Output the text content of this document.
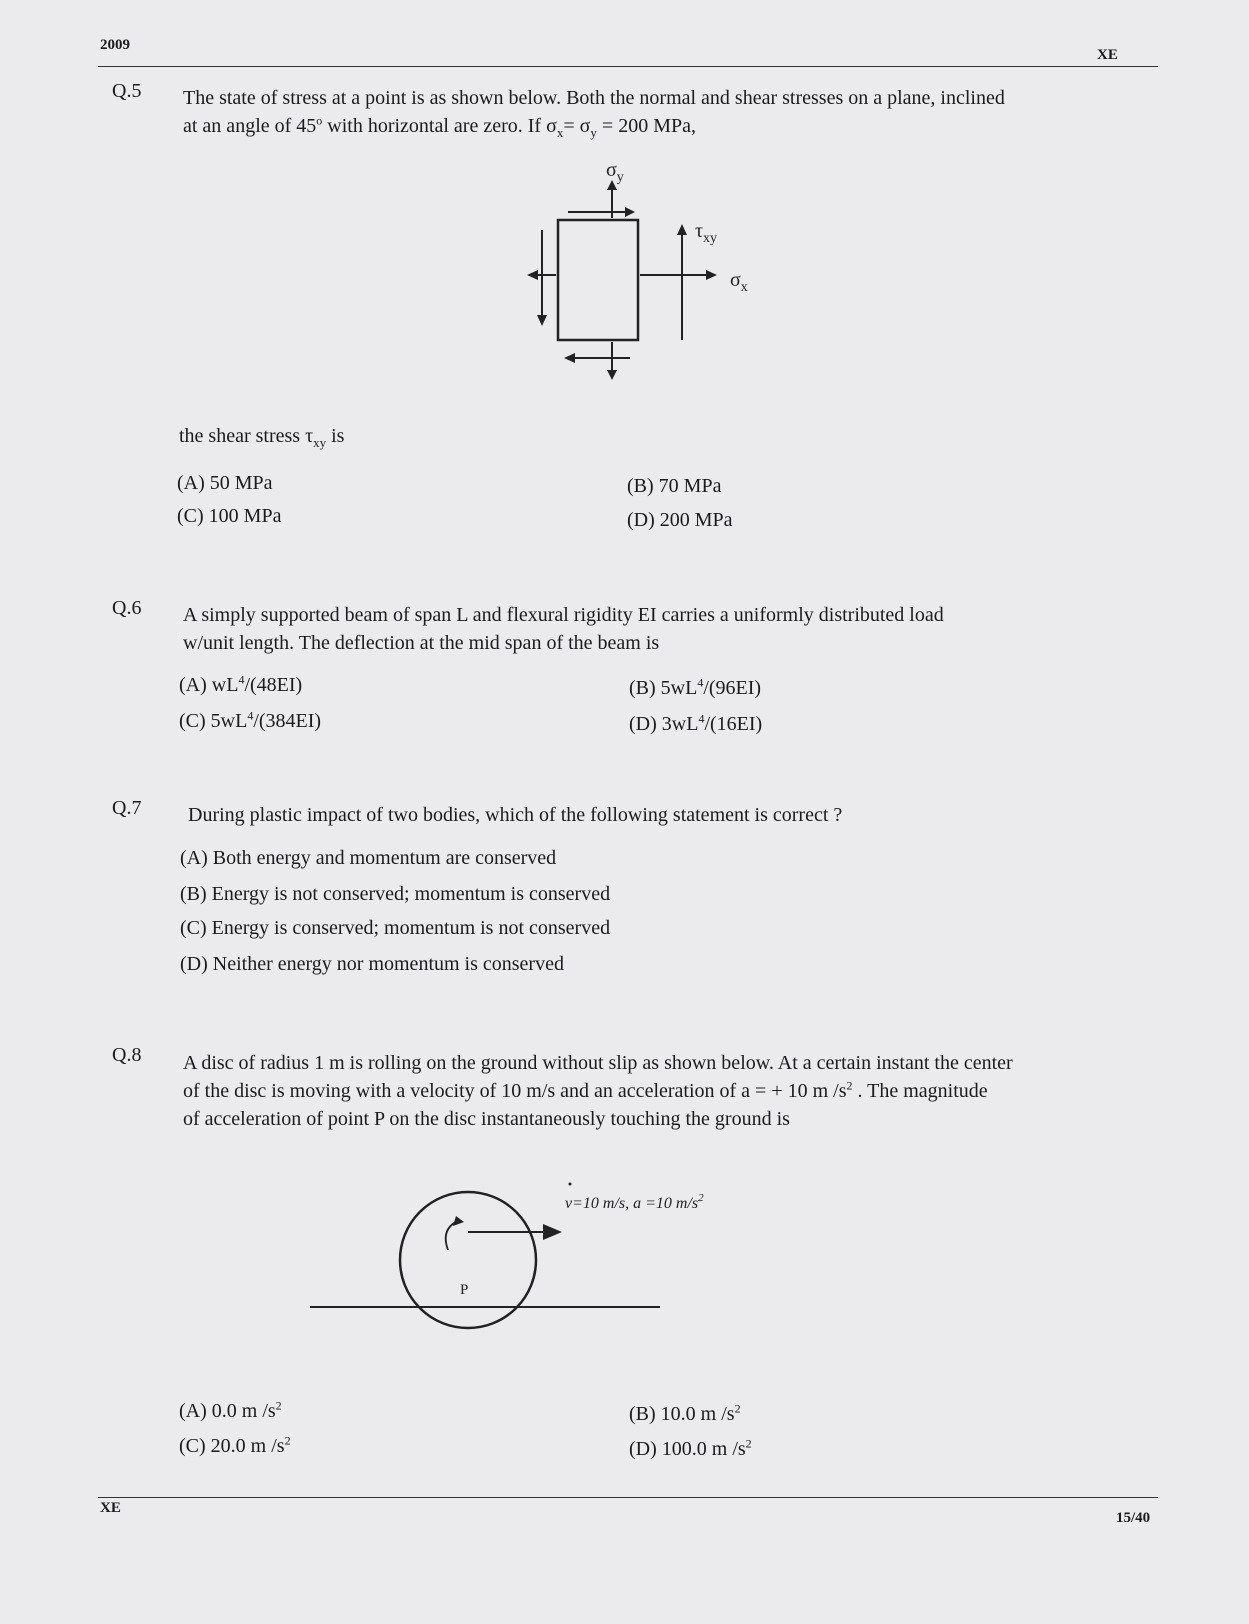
2009
XE
Q.5 The state of stress at a point is as shown below. Both the normal and shear stresses on a plane, inclined
at an angle of 45$^o$ with horizontal are zero. If $\sigma_x= \sigma_y = 200$ MPa,
$\sigma_y$
$\tau_{xy}$
$\sigma_x$
the shear stress $\tau_{xy}$ is
(A) 50 MPa
(C) 100 MPa
(B) 70 MPa
(D) 200 MPa
Q.6 A simply supported beam of span L and flexural rigidity EI carries a uniformly distributed load
w/unit length. The deflection at the mid span of the beam is
(A) $wL^4/(48EI)$
(C) $5wL^4/(384EI)$
(B) $5wL^4/(96EI)$
(D) $3wL^4/(16EI)$
Q.7 During plastic impact of two bodies, which of the following statement is correct ?
(A) Both energy and momentum are conserved
(B) Energy is not conserved; momentum is conserved
(C) Energy is conserved; momentum is not conserved
(D) Neither energy nor momentum is conserved
Q.8 A disc of radius 1 m is rolling on the ground without slip as shown below. At a certain instant the center
of the disc is moving with a velocity of 10 m/s and an acceleration of a = + 10 m $/s^2$ . The magnitude
of acceleration of point P on the disc instantaneously touching the ground is
v=10 m/s, a =10 $m/s^2$
P
(A) 0.0 m $/s^2$
(C) 20.0 m $/s^2$
(B) 10.0 m $/s^2$
(D) 100.0 m $/s^2$
XE
15/40
